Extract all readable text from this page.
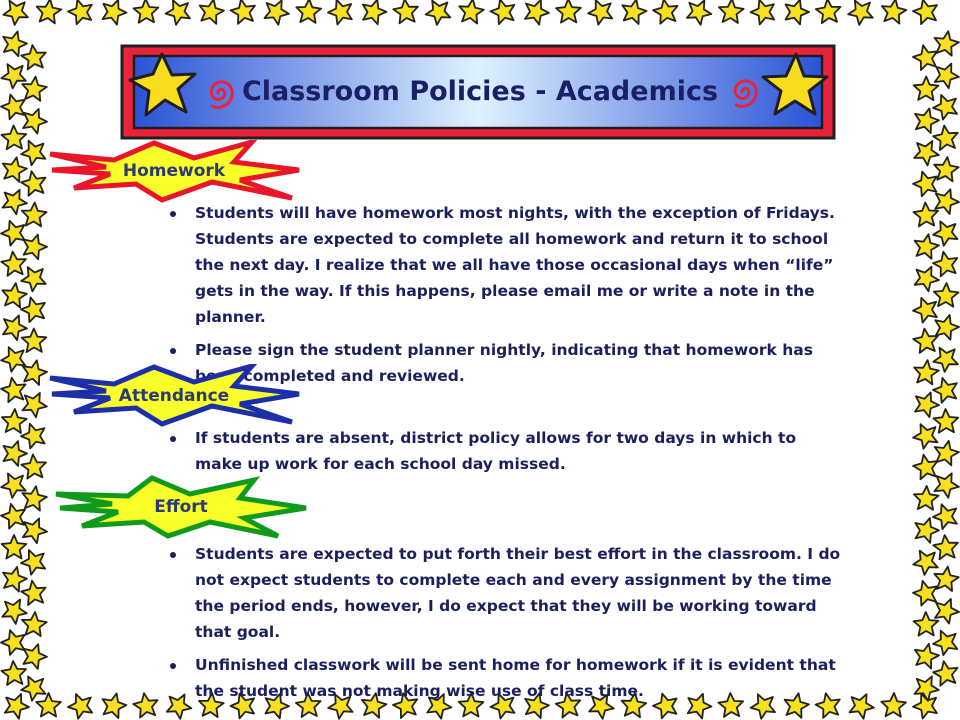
Classroom Policies - Academics
Homework
Students will have homework most nights, with the exception of Fridays. Students are expected to complete all homework and return it to school the next day. I realize that we all have those occasional days when “life” gets in the way. If this happens, please email me or write a note in the planner.
Please sign the student planner nightly, indicating that homework has been completed and reviewed.
Attendance
If students are absent, district policy allows for two days in which to make up work for each school day missed.
Effort
Students are expected to put forth their best effort in the classroom. I do not expect students to complete each and every assignment by the time the period ends, however, I do expect that they will be working toward that goal.
Unfinished classwork will be sent home for homework if it is evident that the student was not making wise use of class time.
